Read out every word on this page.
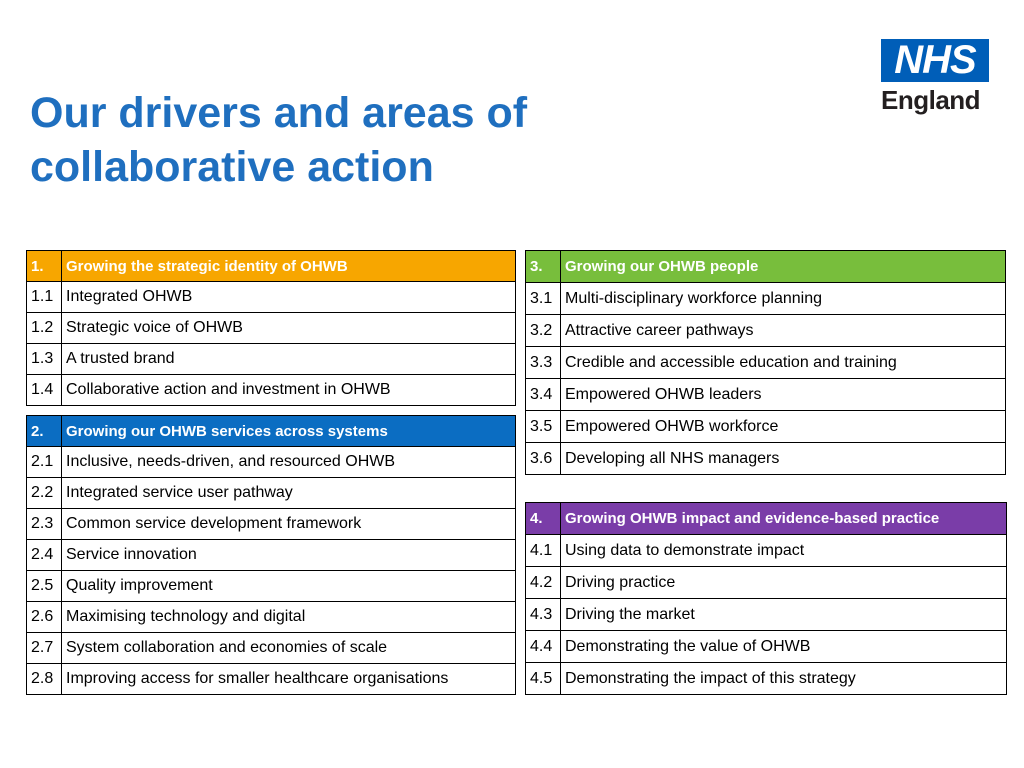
Our drivers and areas of collaborative action
NHS
England
1.	Growing the strategic identity of OHWB
1.1	Integrated OHWB
1.2	Strategic voice of OHWB
1.3	A trusted brand
1.4	Collaborative action and investment in OHWB
2.	Growing our OHWB services across systems
2.1	Inclusive, needs-driven, and resourced OHWB
2.2	Integrated service user pathway
2.3	Common service development framework
2.4	Service innovation
2.5	Quality improvement
2.6	Maximising technology and digital
2.7	System collaboration and economies of scale
2.8	Improving access for smaller healthcare organisations
3.	Growing our OHWB people
3.1	Multi-disciplinary workforce planning
3.2	Attractive career pathways
3.3	Credible and accessible education and training
3.4	Empowered OHWB leaders
3.5	Empowered OHWB workforce
3.6	Developing all NHS managers
4.	Growing OHWB impact and evidence-based practice
4.1	Using data to demonstrate impact
4.2	Driving practice
4.3	Driving the market
4.4	Demonstrating the value of OHWB
4.5	Demonstrating the impact of this strategy
